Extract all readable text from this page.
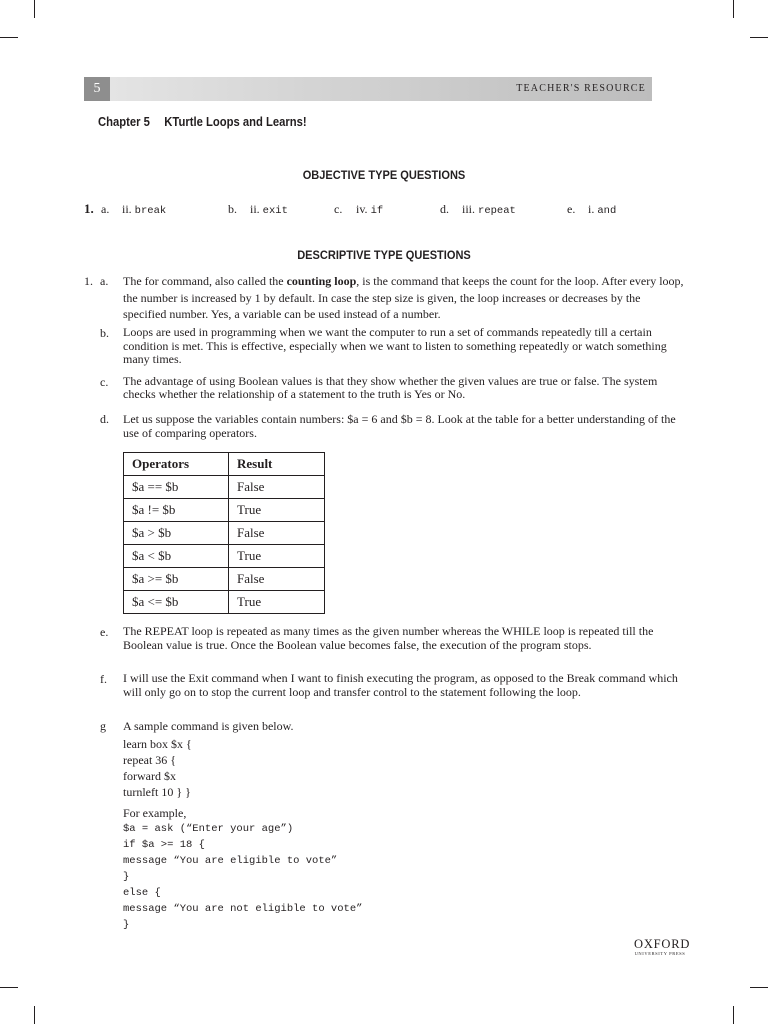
5	TEACHER'S RESOURCE
Chapter 5 KTurtle Loops and Learns!
OBJECTIVE TYPE QUESTIONS
1. a. ii. break	b. ii. exit	c. iv. if	d. iii. repeat	e. i. and
DESCRIPTIVE TYPE QUESTIONS
1. a. The for command, also called the counting loop, is the command that keeps the count for the loop. After every loop, the number is increased by 1 by default. In case the step size is given, the loop increases or decreases by the specified number. Yes, a variable can be used instead of a number.
b. Loops are used in programming when we want the computer to run a set of commands repeatedly till a certain condition is met. This is effective, especially when we want to listen to something repeatedly or watch something many times.
c. The advantage of using Boolean values is that they show whether the given values are true or false. The system checks whether the relationship of a statement to the truth is Yes or No.
d. Let us suppose the variables contain numbers: $a = 6 and $b = 8. Look at the table for a better understanding of the use of comparing operators.
Operators	Result
$a == $b	False
$a != $b	True
$a > $b	False
$a < $b	True
$a >= $b	False
$a <= $b	True
e. The REPEAT loop is repeated as many times as the given number whereas the WHILE loop is repeated till the Boolean value is true. Once the Boolean value becomes false, the execution of the program stops.
f. I will use the Exit command when I want to finish executing the program, as opposed to the Break command which will only go on to stop the current loop and transfer control to the statement following the loop.
g A sample command is given below.
learn box $x {
repeat 36 {
forward $x
turnleft 10 } }
For example,
$a = ask (“Enter your age”)
if $a >= 18 {
message “You are eligible to vote”
}
else {
message “You are not eligible to vote”
}
OXFORD
UNIVERSITY PRESS
